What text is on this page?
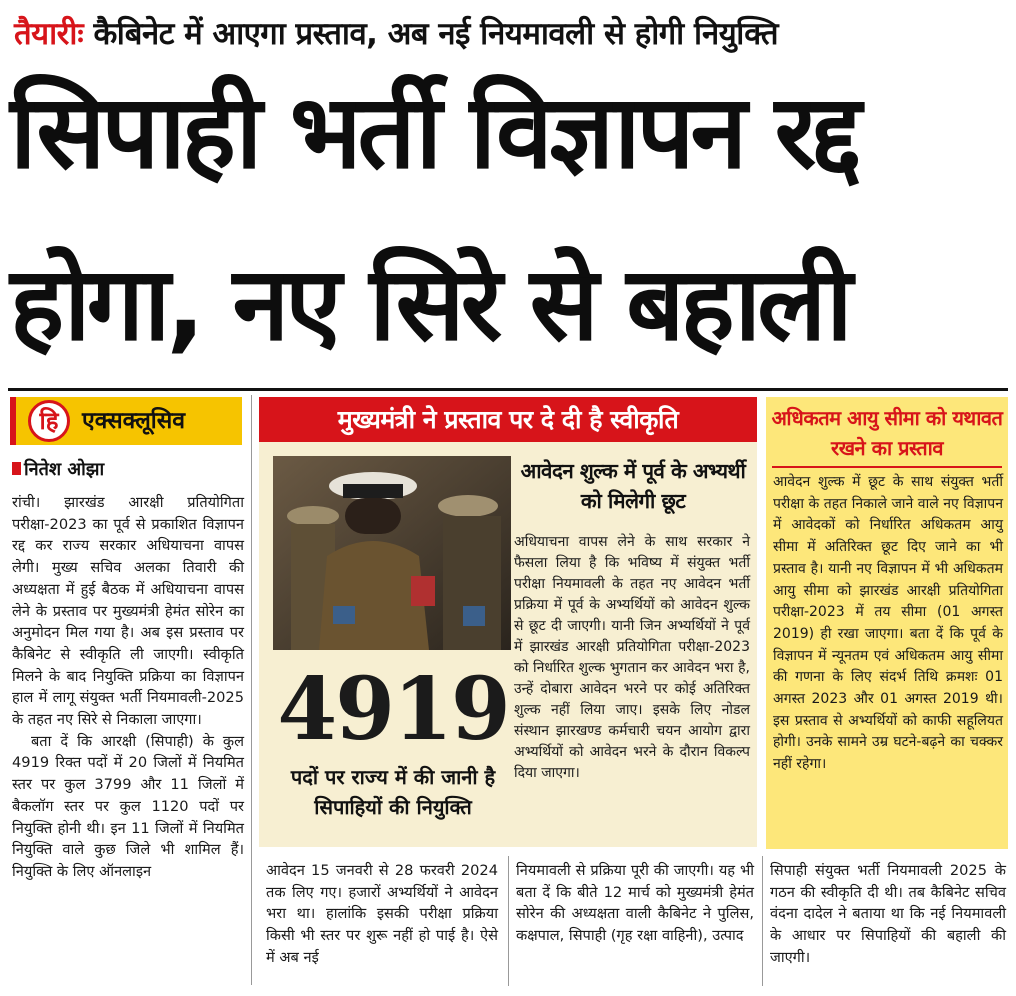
तैयारीः कैबिनेट में आएगा प्रस्ताव, अब नई नियमावली से होगी नियुक्ति
सिपाही भर्ती विज्ञापन रद्द
होगा, नए सिरे से बहाली
हि	एक्सक्लूसिव
नितेश ओझा

रांची। झारखंड आरक्षी प्रतियोगिता परीक्षा-2023 का पूर्व से प्रकाशित विज्ञापन रद्द कर राज्य सरकार अधियाचना वापस लेगी। मुख्य सचिव अलका तिवारी की अध्यक्षता में हुई बैठक में अधियाचना वापस लेने के प्रस्ताव पर मुख्यमंत्री हेमंत सोरेन का अनुमोदन मिल गया है। अब इस प्रस्ताव पर कैबिनेट से स्वीकृति ली जाएगी। स्वीकृति मिलने के बाद नियुक्ति प्रक्रिया का विज्ञापन हाल में लागू संयुक्त भर्ती नियमावली-2025 के तहत नए सिरे से निकाला जाएगा।

बता दें कि आरक्षी (सिपाही) के कुल 4919 रिक्त पदों में 20 जिलों में नियमित स्तर पर कुल 3799 और 11 जिलों में बैकलॉग स्तर पर कुल 1120 पदों पर नियुक्ति होनी थी। इन 11 जिलों में नियमित नियुक्ति वाले कुछ जिले भी शामिल हैं। नियुक्ति के लिए ऑनलाइन

मुख्यमंत्री ने प्रस्ताव पर दे दी है स्वीकृति
4919
पदों पर राज्य में की जानी है सिपाहियों की नियुक्ति
आवेदन शुल्क में पूर्व के अभ्यर्थी को मिलेगी छूट
अधियाचना वापस लेने के साथ सरकार ने फैसला लिया है कि भविष्य में संयुक्त भर्ती परीक्षा नियमावली के तहत नए आवेदन भर्ती प्रक्रिया में पूर्व के अभ्यर्थियों को आवेदन शुल्क से छूट दी जाएगी। यानी जिन अभ्यर्थियों ने पूर्व में झारखंड आरक्षी प्रतियोगिता परीक्षा-2023 को निर्धारित शुल्क भुगतान कर आवेदन भरा है, उन्हें दोबारा आवेदन भरने पर कोई अतिरिक्त शुल्क नहीं लिया जाए। इसके लिए नोडल संस्थान झारखण्ड कर्मचारी चयन आयोग द्वारा अभ्यर्थियों को आवेदन भरने के दौरान विकल्प दिया जाएगा।
अधिकतम आयु सीमा को यथावत रखने का प्रस्ताव
आवेदन शुल्क में छूट के साथ संयुक्त भर्ती परीक्षा के तहत निकाले जाने वाले नए विज्ञापन में आवेदकों को निर्धारित अधिकतम आयु सीमा में अतिरिक्त छूट दिए जाने का भी प्रस्ताव है। यानी नए विज्ञापन में भी अधिकतम आयु सीमा को झारखंड आरक्षी प्रतियोगिता परीक्षा-2023 में तय सीमा (01 अगस्त 2019) ही रखा जाएगा। बता दें कि पूर्व के विज्ञापन में न्यूनतम एवं अधिकतम आयु सीमा की गणना के लिए संदर्भ तिथि क्रमशः 01 अगस्त 2023 और 01 अगस्त 2019 थी। इस प्रस्ताव से अभ्यर्थियों को काफी सहूलियत होगी। उनके सामने उम्र घटने-बढ़ने का चक्कर नहीं रहेगा।
आवेदन 15 जनवरी से 28 फरवरी 2024 तक लिए गए। हजारों अभ्यर्थियों ने आवेदन भरा था। हालांकि इसकी परीक्षा प्रक्रिया किसी भी स्तर पर शुरू नहीं हो पाई है। ऐसे में अब नई
नियमावली से प्रक्रिया पूरी की जाएगी। यह भी बता दें कि बीते 12 मार्च को मुख्यमंत्री हेमंत सोरेन की अध्यक्षता वाली कैबिनेट ने पुलिस, कक्षपाल, सिपाही (गृह रक्षा वाहिनी), उत्पाद
सिपाही संयुक्त भर्ती नियमावली 2025 के गठन की स्वीकृति दी थी। तब कैबिनेट सचिव वंदना दादेल ने बताया था कि नई नियमावली के आधार पर सिपाहियों की बहाली की जाएगी।
